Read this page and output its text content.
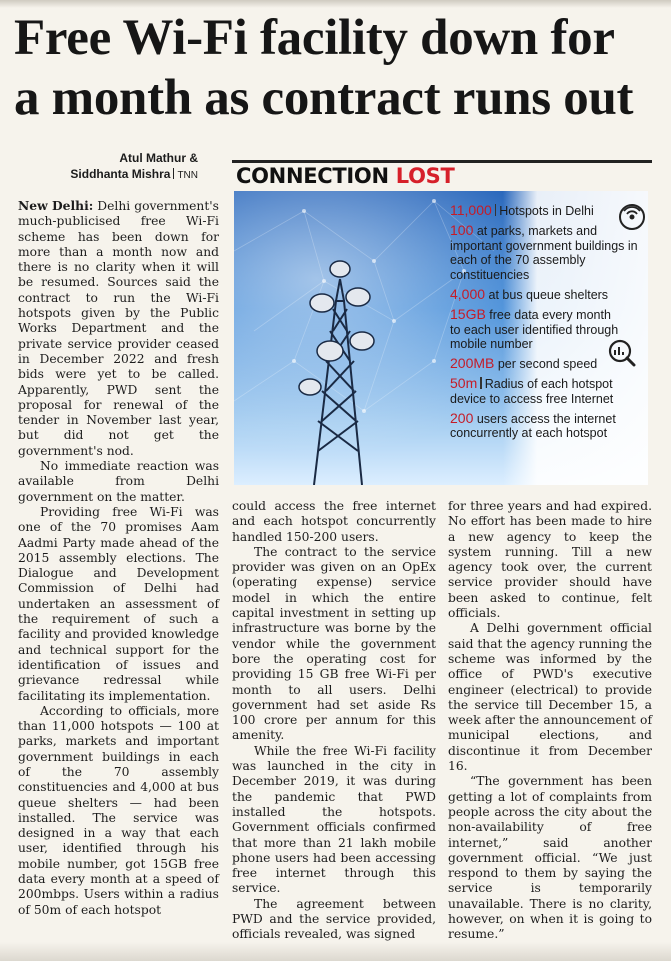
Free Wi-Fi facility down for
a month as contract runs out
Atul Mathur &
Siddhanta Mishra TNN

New Delhi: Delhi government's much-publicised free Wi-Fi scheme has been down for more than a month now and there is no clarity when it will be resumed. Sources said the contract to run the Wi-Fi hotspots given by the Public Works Department and the private service provider ceased in December 2022 and fresh bids were yet to be called. Apparently, PWD sent the proposal for renewal of the tender in November last year, but did not get the government's nod.

No immediate reaction was available from Delhi government on the matter.

Providing free Wi-Fi was one of the 70 promises Aam Aadmi Party made ahead of the 2015 assembly elections. The Dialogue and Development Commission of Delhi had undertaken an assessment of the requirement of such a facility and provided knowledge and technical support for the identification of issues and grievance redressal while facilitating its implementation.

According to officials, more than 11,000 hotspots — 100 at parks, markets and important government buildings in each of the 70 assembly constituencies and 4,000 at bus queue shelters — had been installed. The service was designed in a way that each user, identified through his mobile number, got 15GB free data every month at a speed of 200mbps. Users within a radius of 50m of each hotspot

could access the free internet and each hotspot concurrently handled 150-200 users.

The contract to the service provider was given on an OpEx (operating expense) service model in which the entire capital investment in setting up infrastructure was borne by the vendor while the government bore the operating cost for providing 15 GB free Wi-Fi per month to all users. Delhi government had set aside Rs 100 crore per annum for this amenity.

While the free Wi-Fi facility was launched in the city in December 2019, it was during the pandemic that PWD installed the hotspots. Government officials confirmed that more than 21 lakh mobile phone users had been accessing free internet through this service.

The agreement between PWD and the service provided, officials revealed, was signed

for three years and had expired. No effort has been made to hire a new agency to keep the system running. Till a new agency took over, the current service provider should have been asked to continue, felt officials.

A Delhi government official said that the agency running the scheme was informed by the office of PWD's executive engineer (electrical) to provide the service till December 15, a week after the announcement of municipal elections, and discontinue it from December 16.

“The government has been getting a lot of complaints from people across the city about the non-availability of free internet,” said another government official. “We just respond to them by saying the service is temporarily unavailable. There is no clarity, however, on when it is going to resume.”

CONNECTION LOST
11,000 Hotspots in Delhi
100 at parks, markets and important government buildings in each of the 70 assembly constituencies
4,000 at bus queue shelters
15GB free data every month to each user identified through mobile number
200MB per second speed
50m Radius of each hotspot device to access free Internet
200 users access the internet concurrently at each hotspot
